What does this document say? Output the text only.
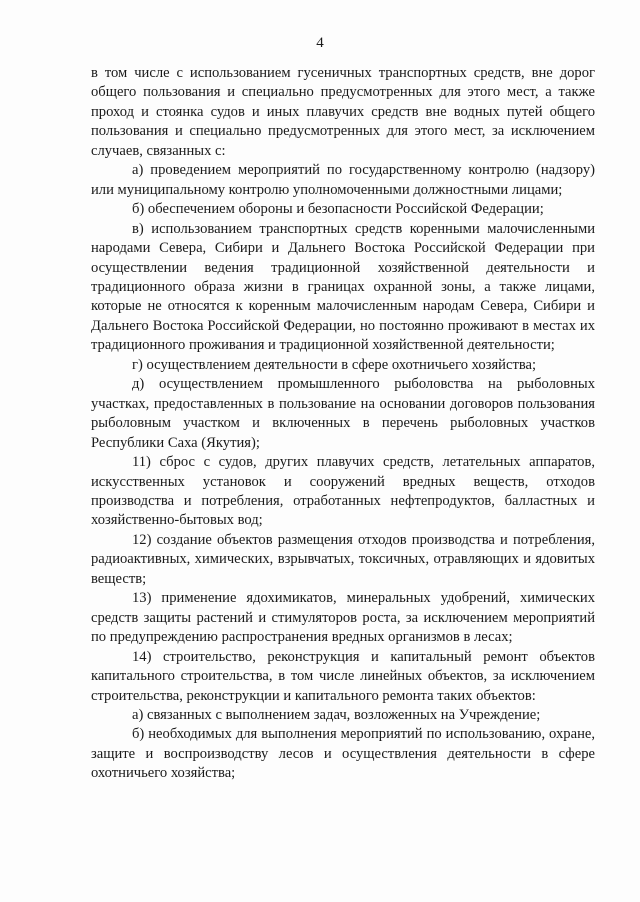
4

в том числе с использованием гусеничных транспортных средств, вне дорог общего пользования и специально предусмотренных для этого мест, а также проход и стоянка судов и иных плавучих средств вне водных путей общего пользования и специально предусмотренных для этого мест, за исключением случаев, связанных с:

а) проведением мероприятий по государственному контролю (надзору) или муниципальному контролю уполномоченными должностными лицами;

б) обеспечением обороны и безопасности Российской Федерации;

в) использованием транспортных средств коренными малочисленными народами Севера, Сибири и Дальнего Востока Российской Федерации при осуществлении ведения традиционной хозяйственной деятельности и традиционного образа жизни в границах охранной зоны, а также лицами, которые не относятся к коренным малочисленным народам Севера, Сибири и Дальнего Востока Российской Федерации, но постоянно проживают в местах их традиционного проживания и традиционной хозяйственной деятельности;

г) осуществлением деятельности в сфере охотничьего хозяйства;

д) осуществлением промышленного рыболовства на рыболовных участках, предоставленных в пользование на основании договоров пользования рыболовным участком и включенных в перечень рыболовных участков Республики Саха (Якутия);

11) сброс с судов, других плавучих средств, летательных аппаратов, искусственных установок и сооружений вредных веществ, отходов производства и потребления, отработанных нефтепродуктов, балластных и хозяйственно-бытовых вод;

12) создание объектов размещения отходов производства и потребления, радиоактивных, химических, взрывчатых, токсичных, отравляющих и ядовитых веществ;

13) применение ядохимикатов, минеральных удобрений, химических средств защиты растений и стимуляторов роста, за исключением мероприятий по предупреждению распространения вредных организмов в лесах;

14) строительство, реконструкция и капитальный ремонт объектов капитального строительства, в том числе линейных объектов, за исключением строительства, реконструкции и капитального ремонта таких объектов:

а) связанных с выполнением задач, возложенных на Учреждение;

б) необходимых для выполнения мероприятий по использованию, охране, защите и воспроизводству лесов и осуществления деятельности в сфере охотничьего хозяйства;
